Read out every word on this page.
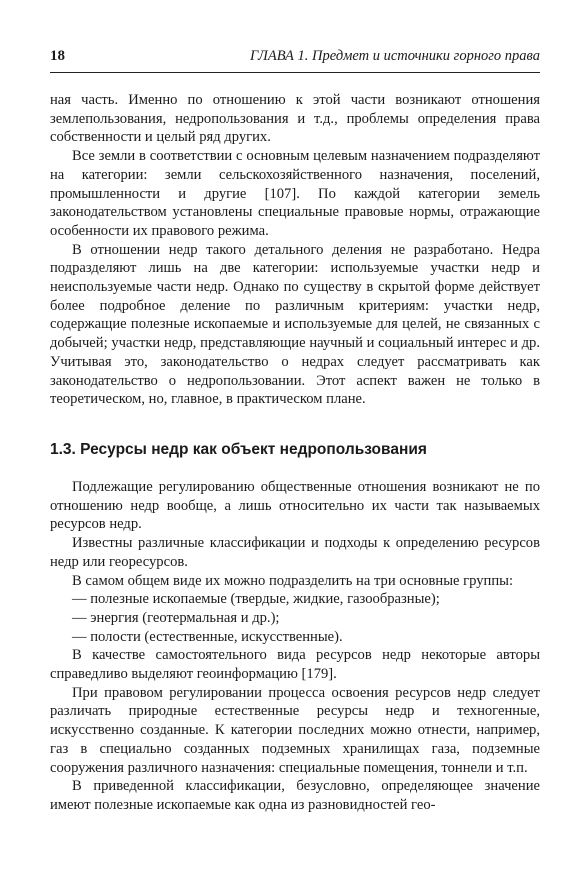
18	ГЛАВА 1. Предмет и источники горного права

ная часть. Именно по отношению к этой части возникают отношения землепользования, недропользования и т.д., проблемы определения права собственности и целый ряд других.

Все земли в соответствии с основным целевым назначением подразделяют на категории: земли сельскохозяйственного назначения, поселений, промышленности и другие [107]. По каждой категории земель законодательством установлены специальные правовые нормы, отражающие особенности их правового режима.

В отношении недр такого детального деления не разработано. Недра подразделяют лишь на две категории: используемые участки недр и неиспользуемые части недр. Однако по существу в скрытой форме действует более подробное деление по различным критериям: участки недр, содержащие полезные ископаемые и используемые для целей, не связанных с добычей; участки недр, представляющие научный и социальный интерес и др. Учитывая это, законодательство о недрах следует рассматривать как законодательство о недропользовании. Этот аспект важен не только в теоретическом, но, главное, в практическом плане.

1.3. Ресурсы недр как объект недропользования

Подлежащие регулированию общественные отношения возникают не по отношению недр вообще, а лишь относительно их части так называемых ресурсов недр.

Известны различные классификации и подходы к определению ресурсов недр или георесурсов.

В самом общем виде их можно подразделить на три основные группы:

— полезные ископаемые (твердые, жидкие, газообразные);

— энергия (геотермальная и др.);

— полости (естественные, искусственные).

В качестве самостоятельного вида ресурсов недр некоторые авторы справедливо выделяют геоинформацию [179].

При правовом регулировании процесса освоения ресурсов недр следует различать природные естественные ресурсы недр и техногенные, искусственно созданные. К категории последних можно отнести, например, газ в специально созданных подземных хранилищах газа, подземные сооружения различного назначения: специальные помещения, тоннели и т.п.

В приведенной классификации, безусловно, определяющее значение имеют полезные ископаемые как одна из разновидностей гео-
